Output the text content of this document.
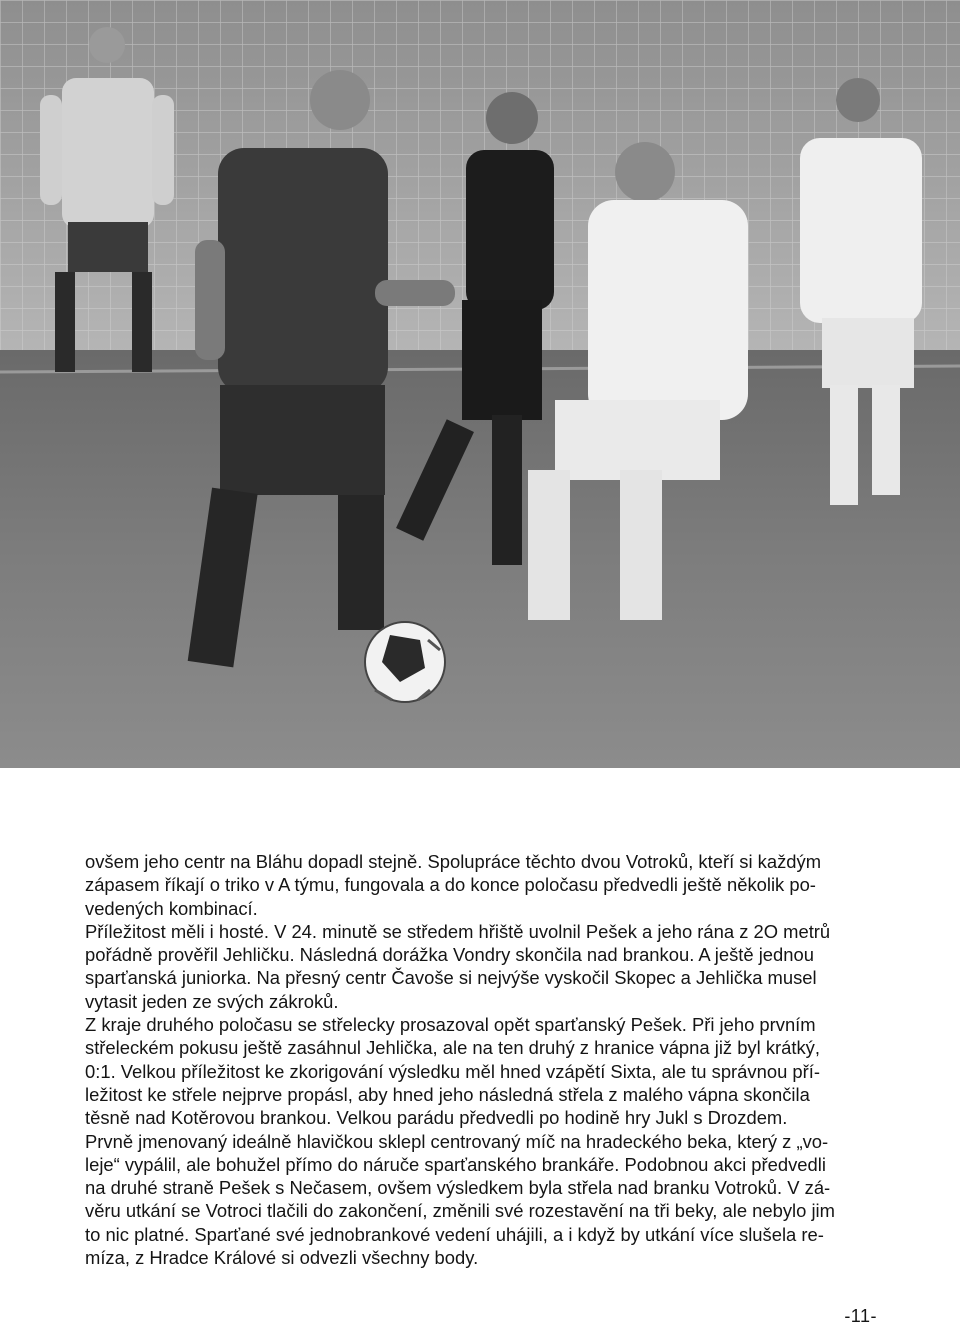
ovšem jeho centr na Bláhu dopadl stejně. Spolupráce těchto dvou Votroků, kteří si každým

zápasem říkají o triko v A týmu, fungovala a do konce poločasu předvedli ještě několik po-

vedených kombinací.

Příležitost měli i hosté. V 24. minutě se středem hřiště uvolnil Pešek a jeho rána z 2O metrů

pořádně prověřil Jehličku. Následná dorážka Vondry skončila nad brankou. A ještě jednou

sparťanská juniorka. Na přesný centr Čavoše si nejvýše vyskočil Skopec a Jehlička musel

vytasit jeden ze svých zákroků.

Z kraje druhého poločasu se střelecky prosazoval opět sparťanský Pešek. Při jeho prvním

střeleckém pokusu ještě zasáhnul Jehlička, ale na ten druhý z hranice vápna již byl krátký,

0:1. Velkou příležitost ke zkorigování výsledku měl hned vzápětí Sixta, ale tu správnou pří-

ležitost ke střele nejprve propásl, aby hned jeho následná střela z malého vápna skončila

těsně nad Kotěrovou brankou. Velkou parádu předvedli po hodině hry Jukl s Drozdem.

Prvně jmenovaný ideálně hlavičkou sklepl centrovaný míč na hradeckého beka, který z „vo-

leje“ vypálil, ale bohužel přímo do náruče sparťanského brankáře. Podobnou akci předvedli

na druhé straně Pešek s Nečasem, ovšem výsledkem byla střela nad branku Votroků. V zá-

věru utkání se Votroci tlačili do zakončení, změnili své rozestavění na tři beky, ale nebylo jim

to nic platné. Sparťané své jednobrankové vedení uhájili, a i když by utkání více slušela re-

míza, z Hradce Králové si odvezli všechny body.

-11-
